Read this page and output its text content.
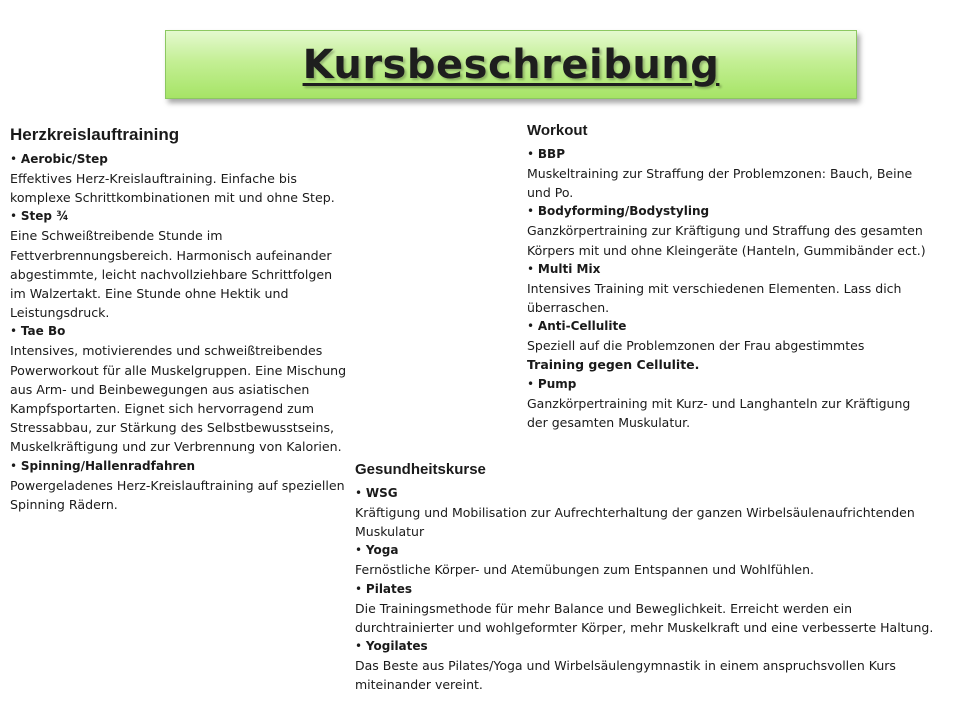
Kursbeschreibung
Herzkreislauftraining
• Aerobic/Step

Effektives Herz-Kreislauftraining. Einfache bis komplexe Schrittkombinationen mit und ohne Step.

• Step ¾

Eine Schweißtreibende Stunde im Fettverbrennungsbereich. Harmonisch aufeinander abgestimmte, leicht nachvollziehbare Schrittfolgen im Walzertakt. Eine Stunde ohne Hektik und Leistungsdruck.

• Tae Bo

Intensives, motivierendes und schweißtreibendes Powerworkout für alle Muskelgruppen. Eine Mischung aus Arm- und Beinbewegungen aus asiatischen Kampfsportarten. Eignet sich hervorragend zum Stressabbau, zur Stärkung des Selbstbewusstseins, Muskelkräftigung und zur Verbrennung von Kalorien.

• Spinning/Hallenradfahren

Powergeladenes Herz-Kreislauftraining auf speziellen Spinning Rädern.

Workout
• BBP

Muskeltraining zur Straffung der Problemzonen: Bauch, Beine und Po.

• Bodyforming/Bodystyling

Ganzkörpertraining zur Kräftigung und Straffung des gesamten Körpers mit und ohne Kleingeräte (Hanteln, Gummibänder ect.)

• Multi Mix

Intensives Training mit verschiedenen Elementen. Lass dich überraschen.

• Anti-Cellulite

Speziell auf die Problemzonen der Frau abgestimmtes

Training gegen Cellulite.

• Pump

Ganzkörpertraining mit Kurz- und Langhanteln zur Kräftigung der gesamten Muskulatur.

Gesundheitskurse
• WSG

Kräftigung und Mobilisation zur Aufrechterhaltung der ganzen Wirbelsäulenaufrichtenden Muskulatur

• Yoga

Fernöstliche Körper- und Atemübungen zum Entspannen und Wohlfühlen.

• Pilates

Die Trainingsmethode für mehr Balance und Beweglichkeit. Erreicht werden ein durchtrainierter und wohlgeformter Körper, mehr Muskelkraft und eine verbesserte Haltung.

• Yogilates

Das Beste aus Pilates/Yoga und Wirbelsäulengymnastik in einem anspruchsvollen Kurs miteinander vereint.
